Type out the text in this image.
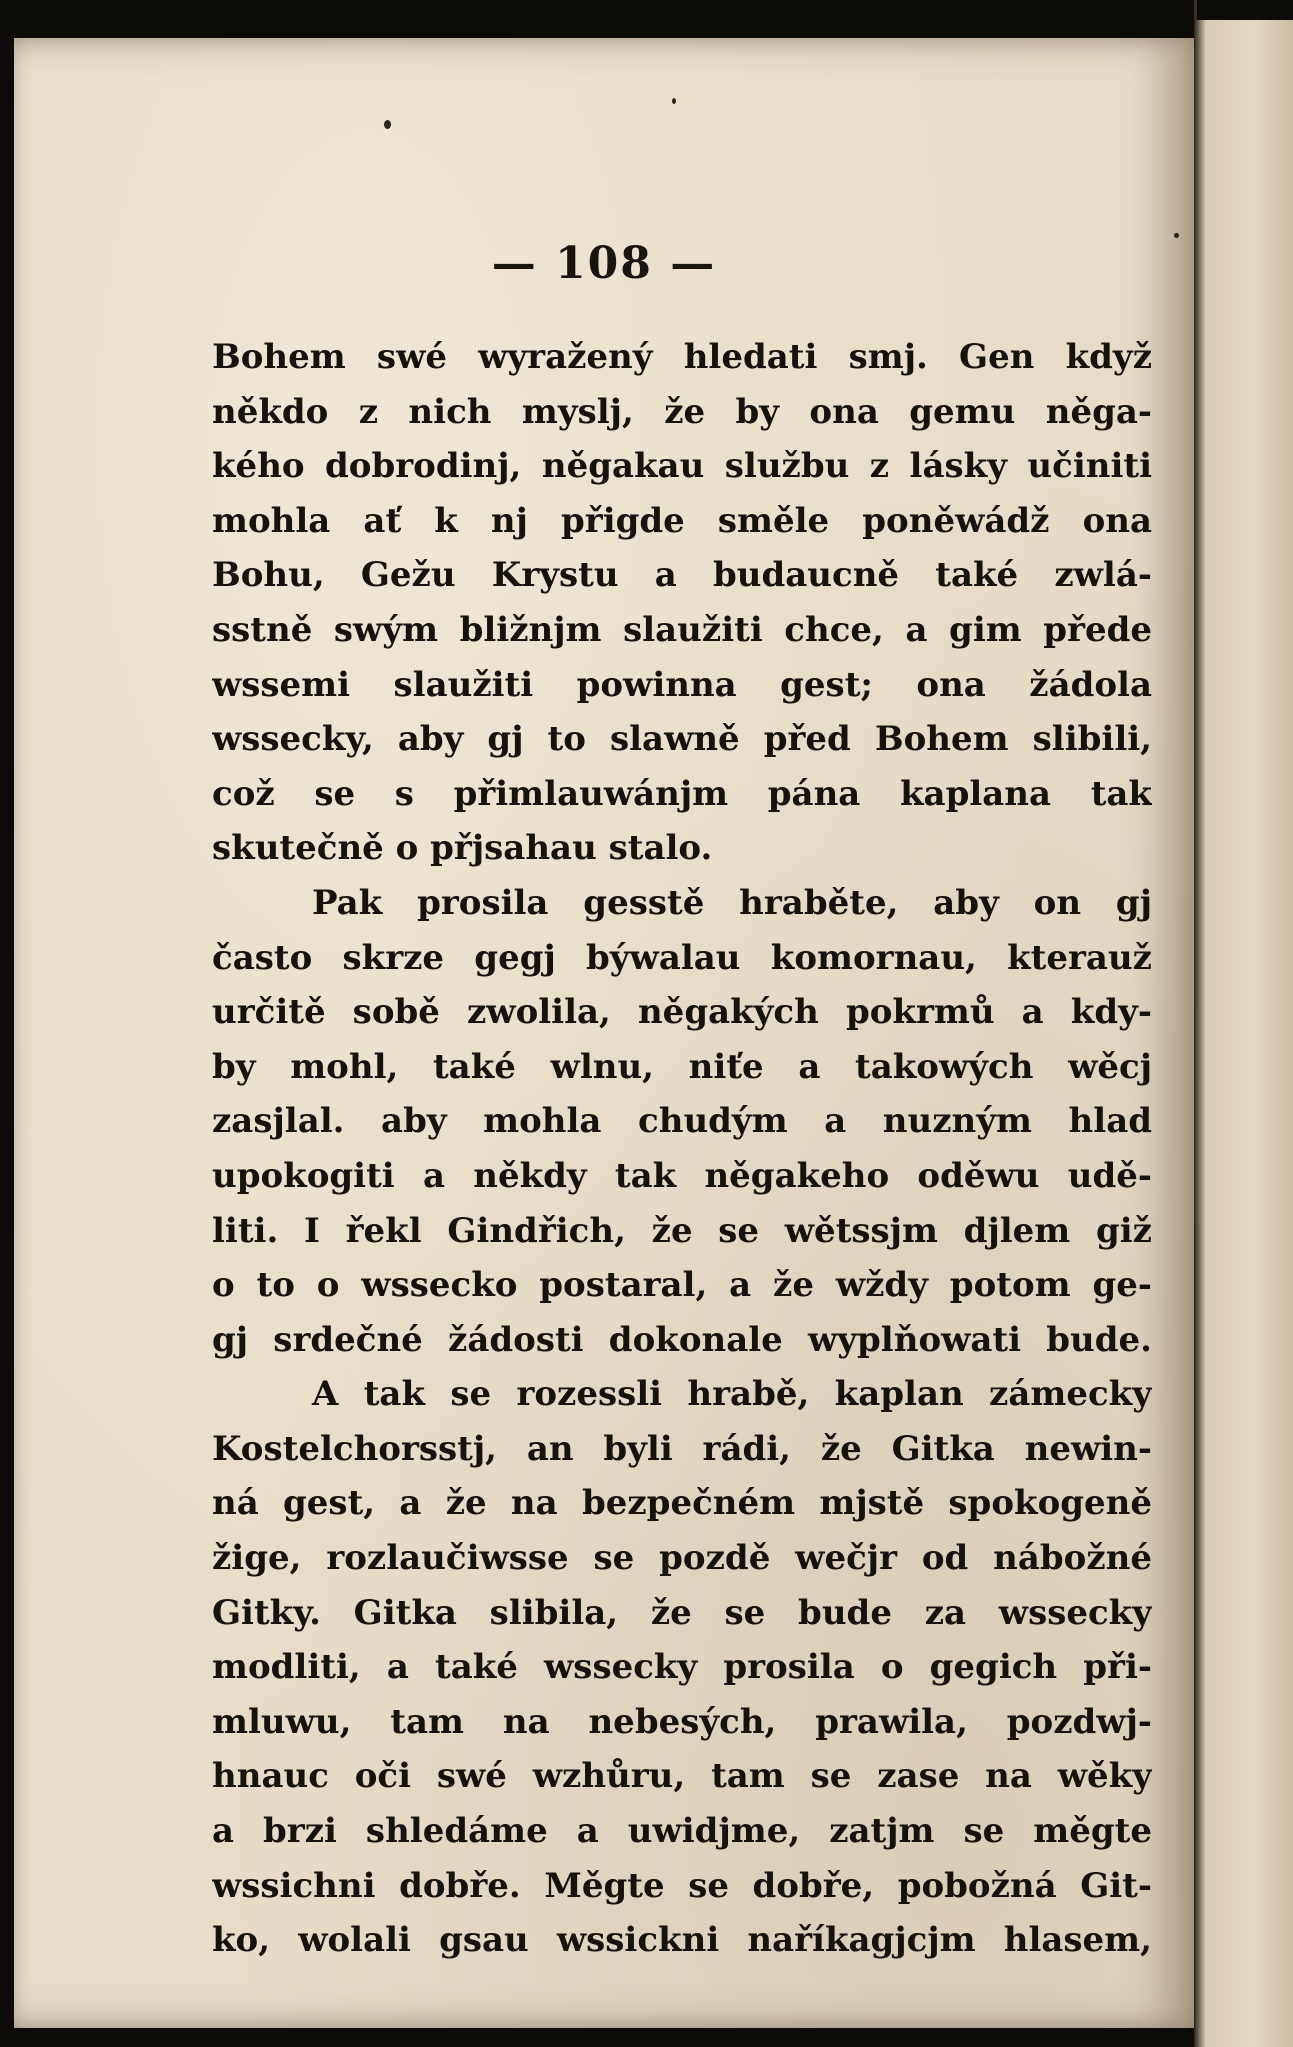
— 108 —
Bohem swé wyražený hledati smj. Gen když
někdo z nich myslj, že by ona gemu něga-
kého dobrodinj, něgakau službu z lásky učiniti
mohla ať k nj přigde směle poněwádž ona
Bohu, Gežu Krystu a budaucně také zwlá-
sstně swým bližnjm slaužiti chce, a gim přede
wssemi slaužiti powinna gest; ona žádola
wssecky, aby gj to slawně před Bohem slibili,
což se s přimlauwánjm pána kaplana tak
skutečně o přjsahau stalo.
Pak prosila gesstě hraběte, aby on gj
často skrze gegj býwalau komornau, kterauž
určitě sobě zwolila, něgakých pokrmů a kdy-
by mohl, také wlnu, niťe a takowých wěcj
zasjlal. aby mohla chudým a nuzným hlad
upokogiti a někdy tak něgakeho oděwu udě-
liti. I řekl Gindřich, že se wětssjm djlem giž
o to o wssecko postaral, a že wždy potom ge-
gj srdečné žádosti dokonale wyplňowati bude.
A tak se rozessli hrabě, kaplan zámecky
Kostelchorsstj, an byli rádi, že Gitka newin-
ná gest, a že na bezpečném mjstě spokogeně
žige, rozlaučiwsse se pozdě wečjr od nábožné
Gitky. Gitka slibila, že se bude za wssecky
modliti, a také wssecky prosila o gegich při-
mluwu, tam na nebesých, prawila, pozdwj-
hnauc oči swé wzhůru, tam se zase na wěky
a brzi shledáme a uwidjme, zatjm se měgte
wssichni dobře. Měgte se dobře, pobožná Git-
ko, wolali gsau wssickni naříkagjcjm hlasem,
